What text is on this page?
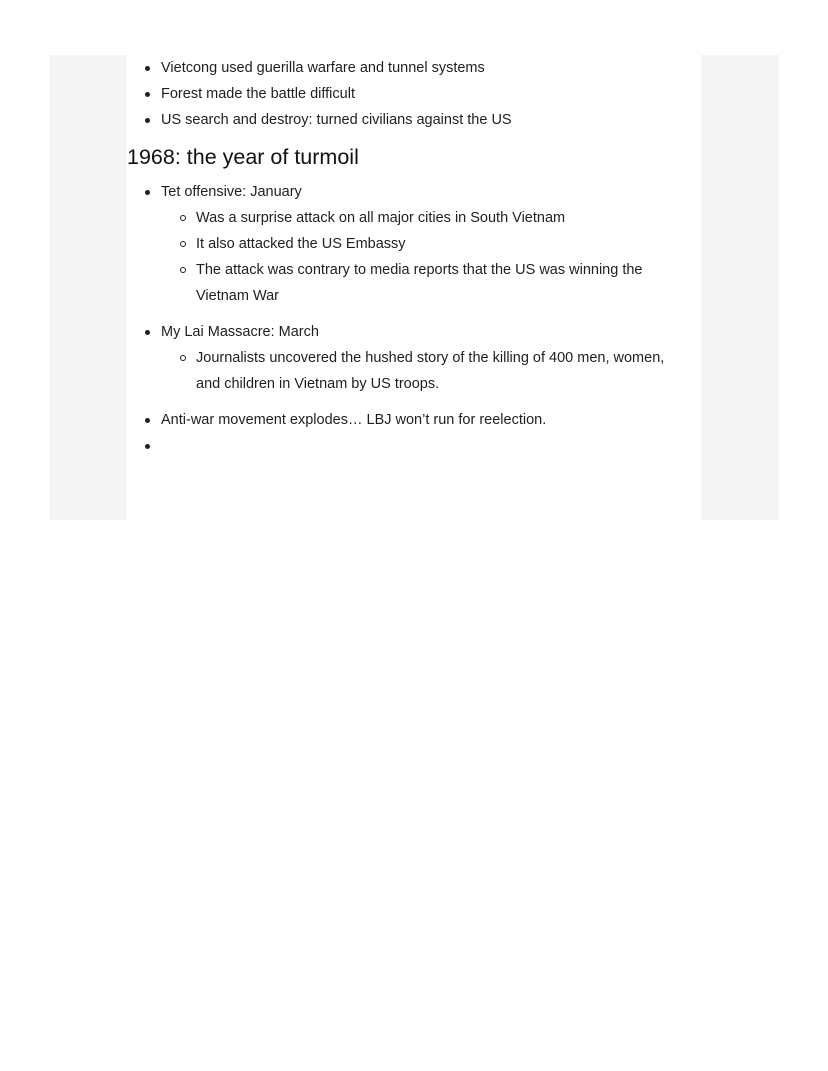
Vietcong used guerilla warfare and tunnel systems
Forest made the battle difficult
US search and destroy: turned civilians against the US
1968: the year of turmoil
Tet offensive: January
Was a surprise attack on all major cities in South Vietnam
It also attacked the US Embassy
The attack was contrary to media reports that the US was winning the Vietnam War
My Lai Massacre: March
Journalists uncovered the hushed story of the killing of 400 men, women, and children in Vietnam by US troops.
Anti-war movement explodes… LBJ won’t run for reelection.
